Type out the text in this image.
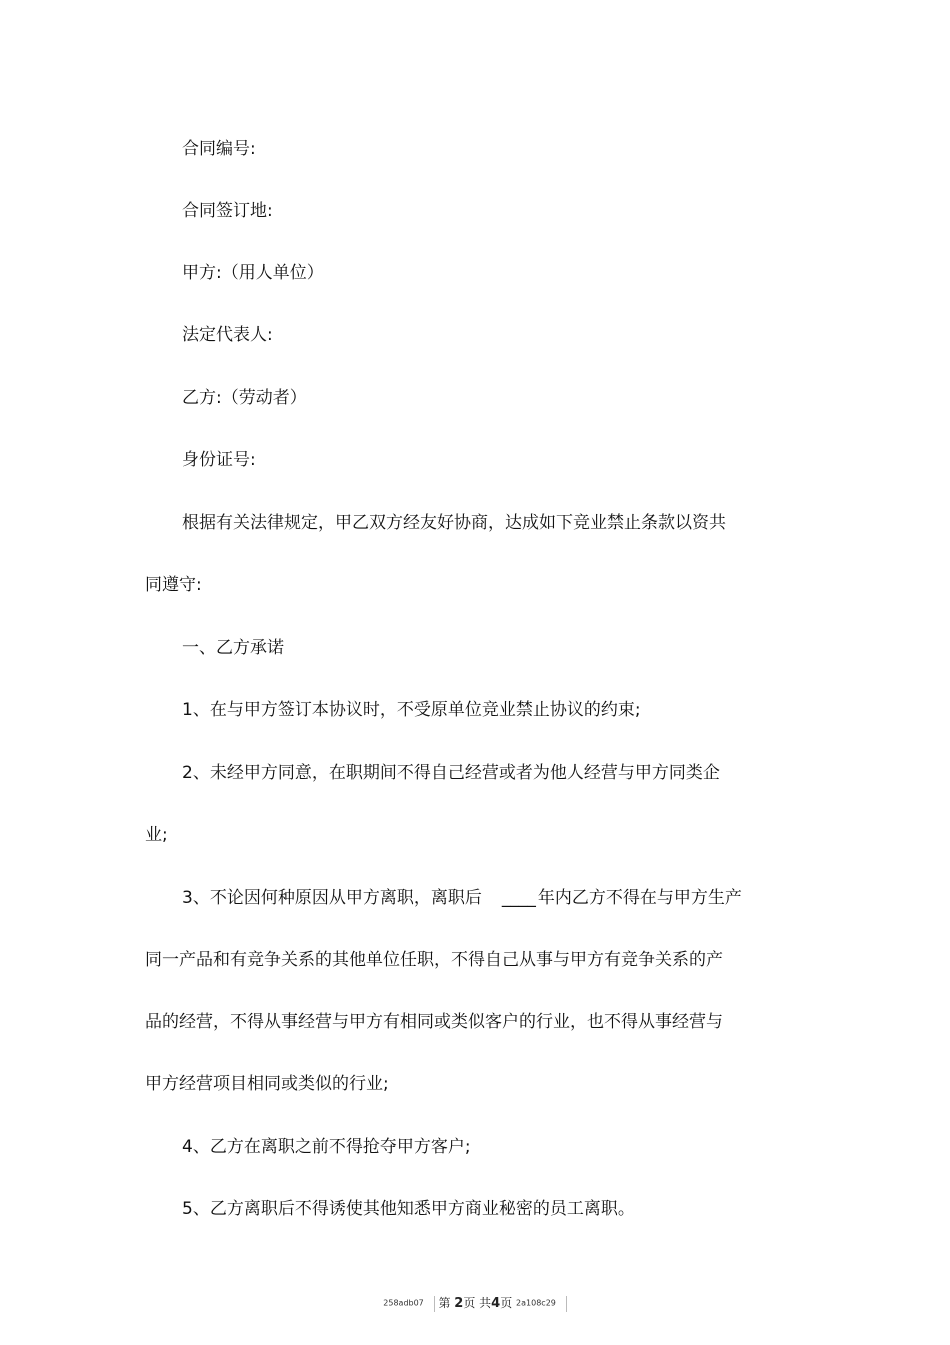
合同编号:
合同签订地:
甲方:（用人单位）
法定代表人:
乙方:（劳动者）
身份证号:
根据有关法律规定，甲乙双方经友好协商，达成如下竞业禁止条款以资共
同遵守:
一、乙方承诺
1、在与甲方签订本协议时，不受原单位竞业禁止协议的约束;
2、未经甲方同意，在职期间不得自己经营或者为他人经营与甲方同类企
业;
3、不论因何种原因从甲方离职，离职后 ____ 年内乙方不得在与甲方生产
同一产品和有竞争关系的其他单位任职，不得自己从事与甲方有竞争关系的产
品的经营，不得从事经营与甲方有相同或类似客户的行业，也不得从事经营与
甲方经营项目相同或类似的行业;
4、乙方在离职之前不得抢夺甲方客户;
5、乙方离职后不得诱使其他知悉甲方商业秘密的员工离职。
258adb07 第 2页 共4页 2a108c29
